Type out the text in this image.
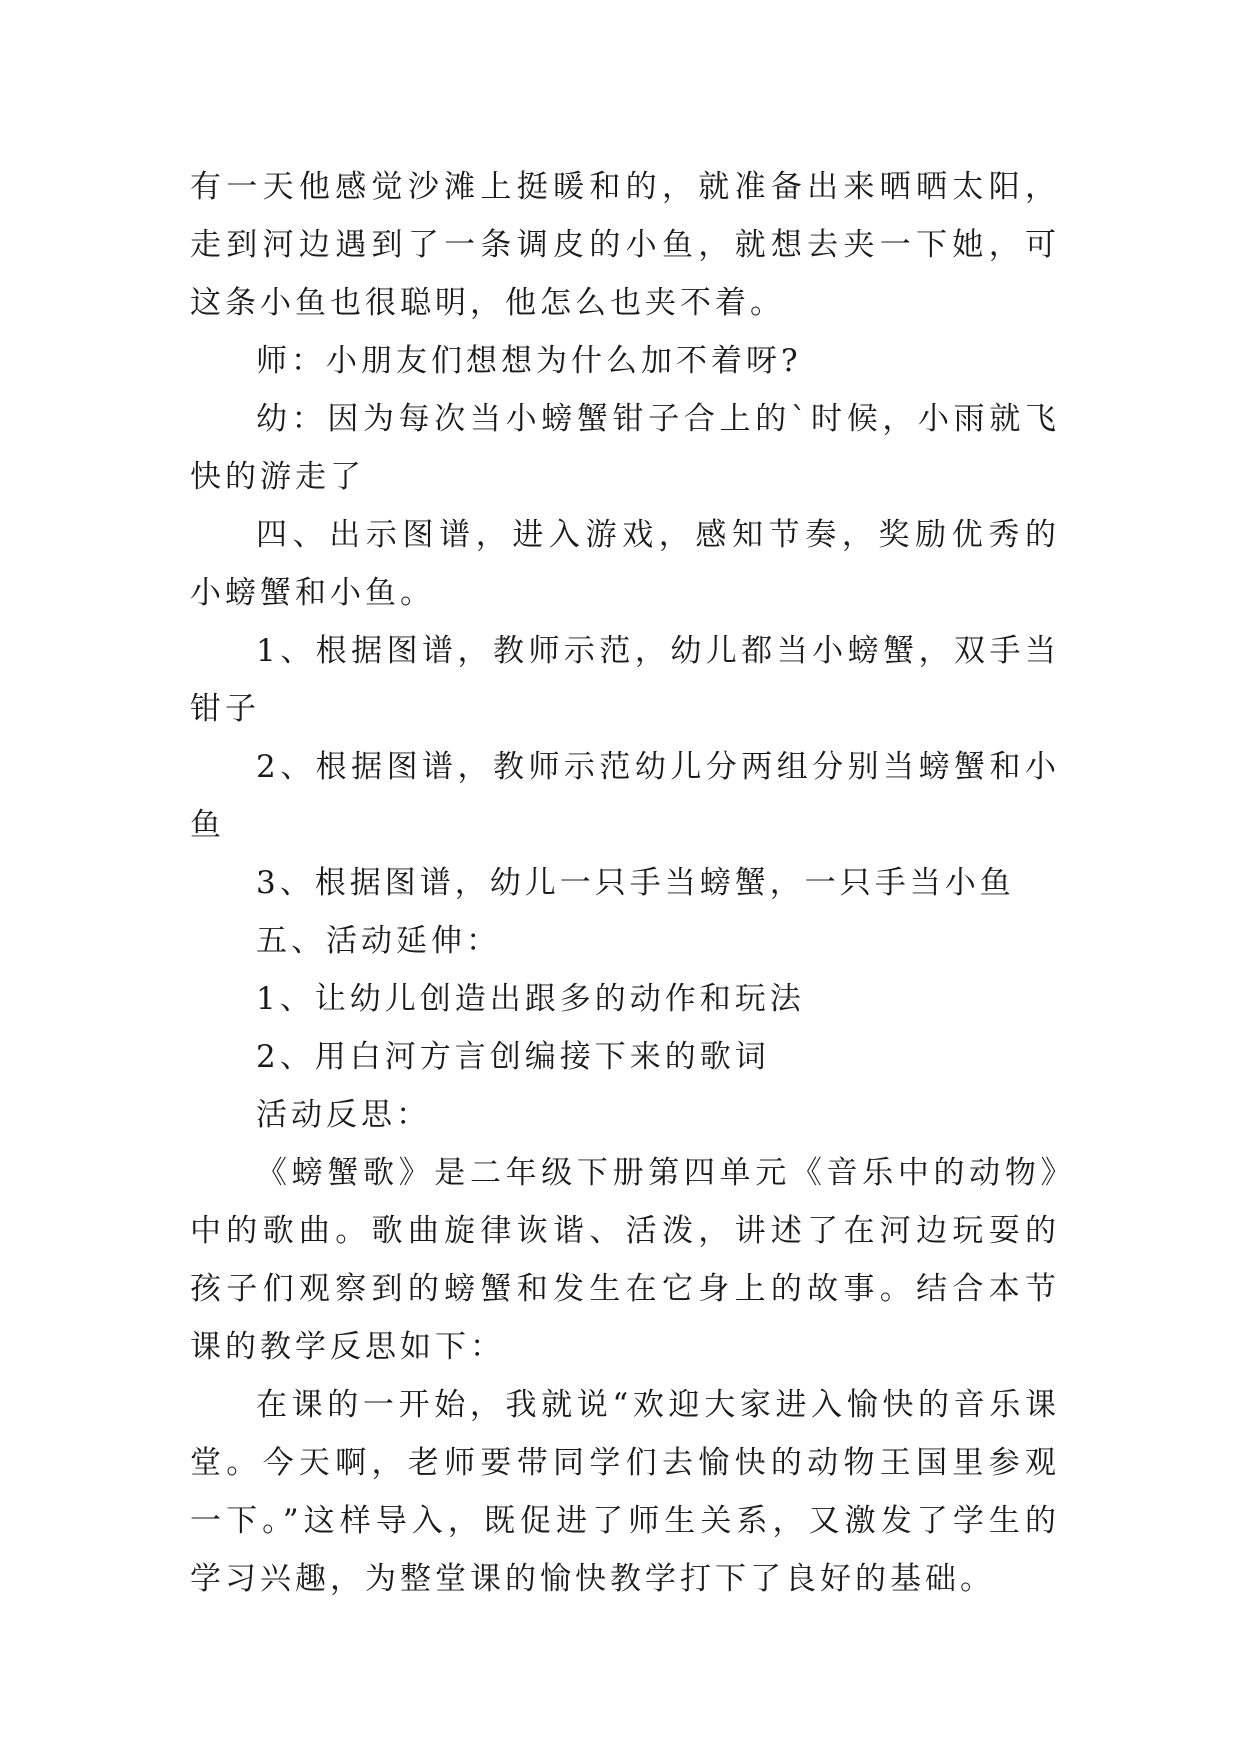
有一天他感觉沙滩上挺暖和的，就准备出来晒晒太阳，走到河边遇到了一条调皮的小鱼，就想去夹一下她，可这条小鱼也很聪明，他怎么也夹不着。

师：小朋友们想想为什么加不着呀?

幼：因为每次当小螃蟹钳子合上的`时候，小雨就飞快的游走了

四、出示图谱，进入游戏，感知节奏，奖励优秀的小螃蟹和小鱼。

1、根据图谱，教师示范，幼儿都当小螃蟹，双手当钳子

2、根据图谱，教师示范幼儿分两组分别当螃蟹和小鱼

3、根据图谱，幼儿一只手当螃蟹，一只手当小鱼

五、活动延伸：

1、让幼儿创造出跟多的动作和玩法

2、用白河方言创编接下来的歌词

活动反思：

《螃蟹歌》是二年级下册第四单元《音乐中的动物》中的歌曲。歌曲旋律诙谐、活泼，讲述了在河边玩耍的孩子们观察到的螃蟹和发生在它身上的故事。结合本节课的教学反思如下：

在课的一开始，我就说“欢迎大家进入愉快的音乐课堂。今天啊，老师要带同学们去愉快的动物王国里参观一下。”这样导入，既促进了师生关系，又激发了学生的学习兴趣，为整堂课的愉快教学打下了良好的基础。
